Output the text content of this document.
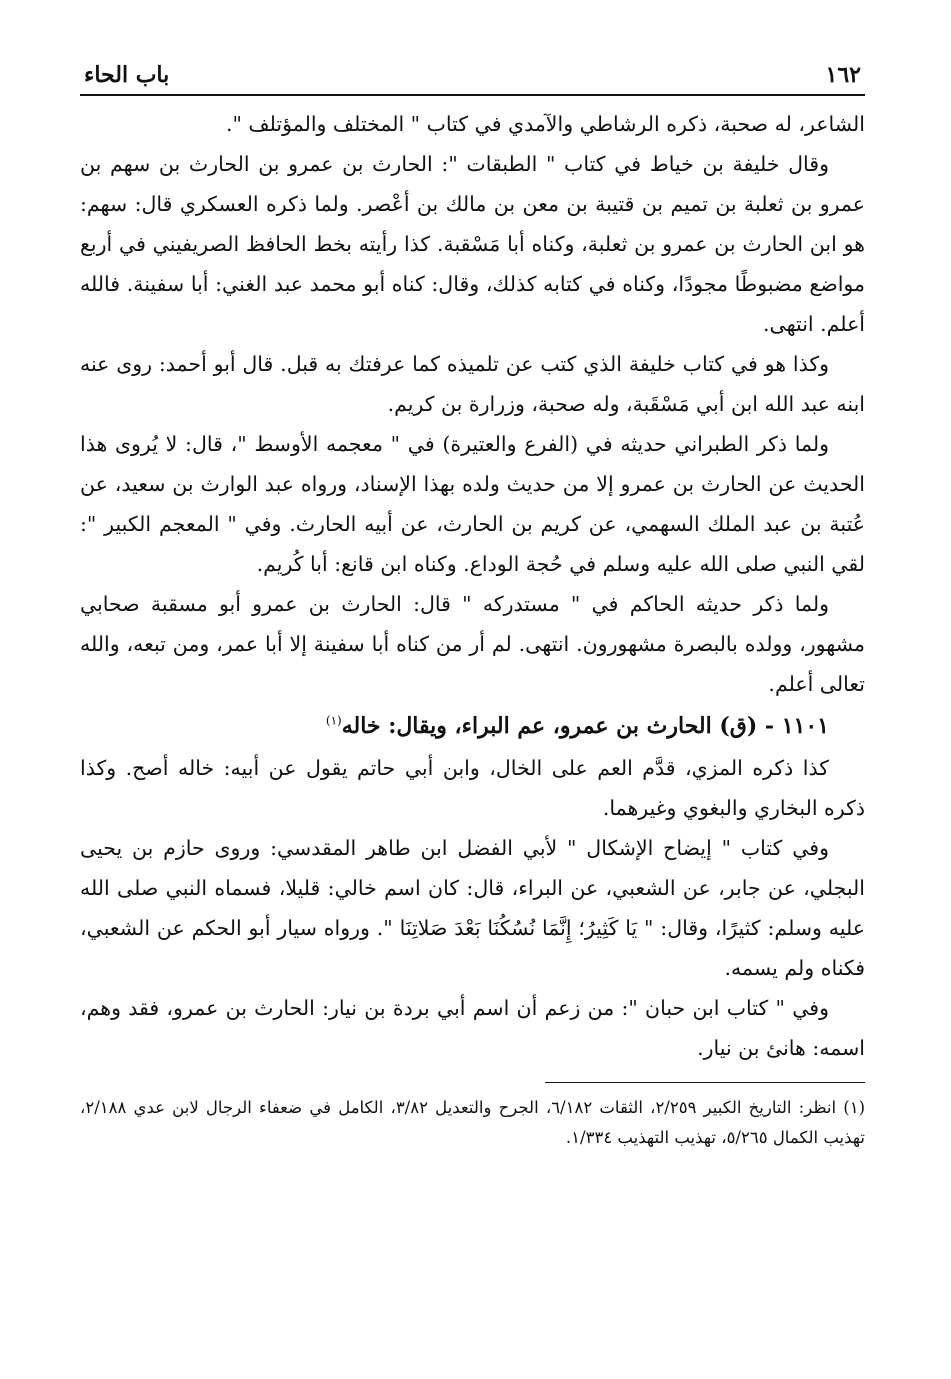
١٦٢
باب الحاء

الشاعر، له صحبة، ذكره الرشاطي والآمدي في كتاب " المختلف والمؤتلف ".

وقال خليفة بن خياط في كتاب " الطبقات ": الحارث بن عمرو بن الحارث بن سهم بن عمرو بن ثعلبة بن تميم بن قتيبة بن معن بن مالك بن أعْصر. ولما ذكره العسكري قال: سهم: هو ابن الحارث بن عمرو بن ثعلبة، وكناه أبا مَسْقبة. كذا رأيته بخط الحافظ الصريفيني في أربع مواضع مضبوطًا مجودًا، وكناه في كتابه كذلك، وقال: كناه أبو محمد عبد الغني: أبا سفينة. فالله أعلم. انتهى.

وكذا هو في كتاب خليفة الذي كتب عن تلميذه كما عرفتك به قبل. قال أبو أحمد: روى عنه ابنه عبد الله ابن أبي مَسْقَبة، وله صحبة، وزرارة بن كريم.

ولما ذكر الطبراني حديثه في (الفرع والعتيرة) في " معجمه الأوسط "، قال: لا يُروى هذا الحديث عن الحارث بن عمرو إلا من حديث ولده بهذا الإسناد، ورواه عبد الوارث بن سعيد، عن عُتبة بن عبد الملك السهمي، عن كريم بن الحارث، عن أبيه الحارث. وفي " المعجم الكبير ": لقي النبي صلى الله عليه وسلم في حُجة الوداع. وكناه ابن قانع: أبا كُريم.

ولما ذكر حديثه الحاكم في " مستدركه " قال: الحارث بن عمرو أبو مسقبة صحابي مشهور، وولده بالبصرة مشهورون. انتهى. لم أر من كناه أبا سفينة إلا أبا عمر، ومن تبعه، والله تعالى أعلم.

١١٠١ - (ق) الحارث بن عمرو، عم البراء، ويقال: خاله$^{(١)}$

كذا ذكره المزي، قدَّم العم على الخال، وابن أبي حاتم يقول عن أبيه: خاله أصح. وكذا ذكره البخاري والبغوي وغيرهما.

وفي كتاب " إيضاح الإشكال " لأبي الفضل ابن طاهر المقدسي: وروى حازم بن يحيى البجلي، عن جابر، عن الشعبي، عن البراء، قال: كان اسم خالي: قليلا، فسماه النبي صلى الله عليه وسلم: كثيرًا، وقال: " يَا كَثِيرُ؛ إِنَّمَا نُسُكُنَا بَعْدَ صَلاتِنَا ". ورواه سيار أبو الحكم عن الشعبي، فكناه ولم يسمه.

وفي " كتاب ابن حبان ": من زعم أن اسم أبي بردة بن نيار: الحارث بن عمرو، فقد وهم، اسمه: هانئ بن نيار.

(١) انظر: التاريخ الكبير ٢/٢٥٩، الثقات ٦/١٨٢، الجرح والتعديل ٣/٨٢، الكامل في ضعفاء الرجال لابن عدي ٢/١٨٨، تهذيب الكمال ٥/٢٦٥، تهذيب التهذيب ١/٣٣٤.
